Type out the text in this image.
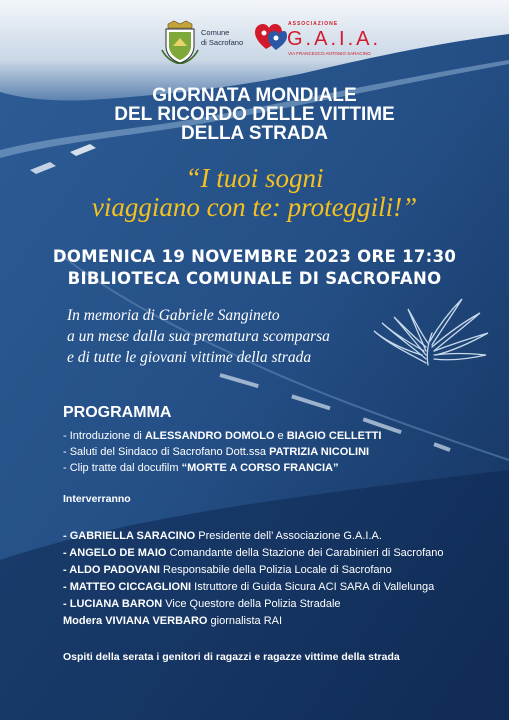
Comune
di Sacrofano
ASSOCIAZIONE
G.A.I.A.
VIA FRANCESCO ANTONIO SARACINO
GIORNATA MONDIALE
DEL RICORDO DELLE VITTIME
DELLA STRADA
“I tuoi sogni
viaggiano con te: proteggili!”
DOMENICA 19 NOVEMBRE 2023 ORE 17:30
BIBLIOTECA COMUNALE DI SACROFANO
In memoria di Gabriele Sangineto
a un mese dalla sua prematura scomparsa
e di tutte le giovani vittime della strada
PROGRAMMA
- Introduzione di ALESSANDRO DOMOLO e BIAGIO CELLETTI
- Saluti del Sindaco di Sacrofano Dott.ssa PATRIZIA NICOLINI
- Clip tratte dal docufilm “MORTE A CORSO FRANCIA”
Interverranno
- GABRIELLA SARACINO Presidente dell’ Associazione G.A.I.A.
- ANGELO DE MAIO Comandante della Stazione dei Carabinieri di Sacrofano
- ALDO PADOVANI Responsabile della Polizia Locale di Sacrofano
- MATTEO CICCAGLIONI Istruttore di Guida Sicura ACI SARA di Vallelunga
- LUCIANA BARON Vice Questore della Polizia Stradale
Modera VIVIANA VERBARO giornalista RAI
Ospiti della serata i genitori di ragazzi e ragazze vittime della strada
